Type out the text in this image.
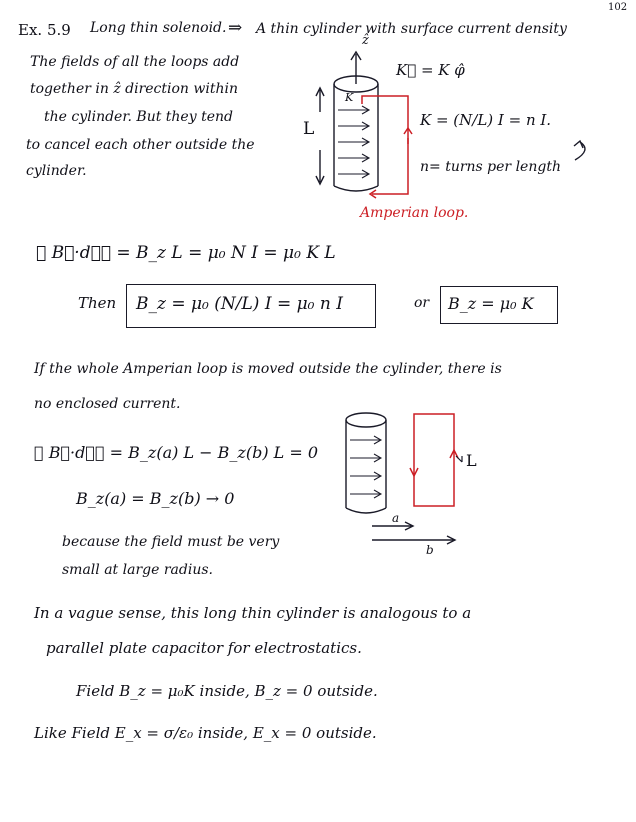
102
Ex. 5.9 Long thin solenoid. ⇒ A thin cylinder with surface current density
The fields of all the loops add
together in ẑ direction within
the cylinder. But they tend
to cancel each other outside the
cylinder.
ẑ
L
K
K⃗ = K φ̂
K = (N/L) I = n I.
n= turns per length
Amperian loop.
∮ B⃗·dℓ⃗ = B_z L = μ₀ N I = μ₀ K L
Then B_z = μ₀ (N/L) I = μ₀ n I	or B_z = μ₀ K
If the whole Amperian loop is moved outside the cylinder, there is
no enclosed current.
∮ B⃗·dℓ⃗ = B_z(a) L − B_z(b) L = 0
B_z(a) = B_z(b) → 0
because the field must be very
small at large radius.
L
a
b
In a vague sense, this long thin cylinder is analogous to a
parallel plate capacitor for electrostatics.
Field B_z = μ₀K inside, B_z = 0 outside.
Like Field E_x = σ/ε₀ inside, E_x = 0 outside.
